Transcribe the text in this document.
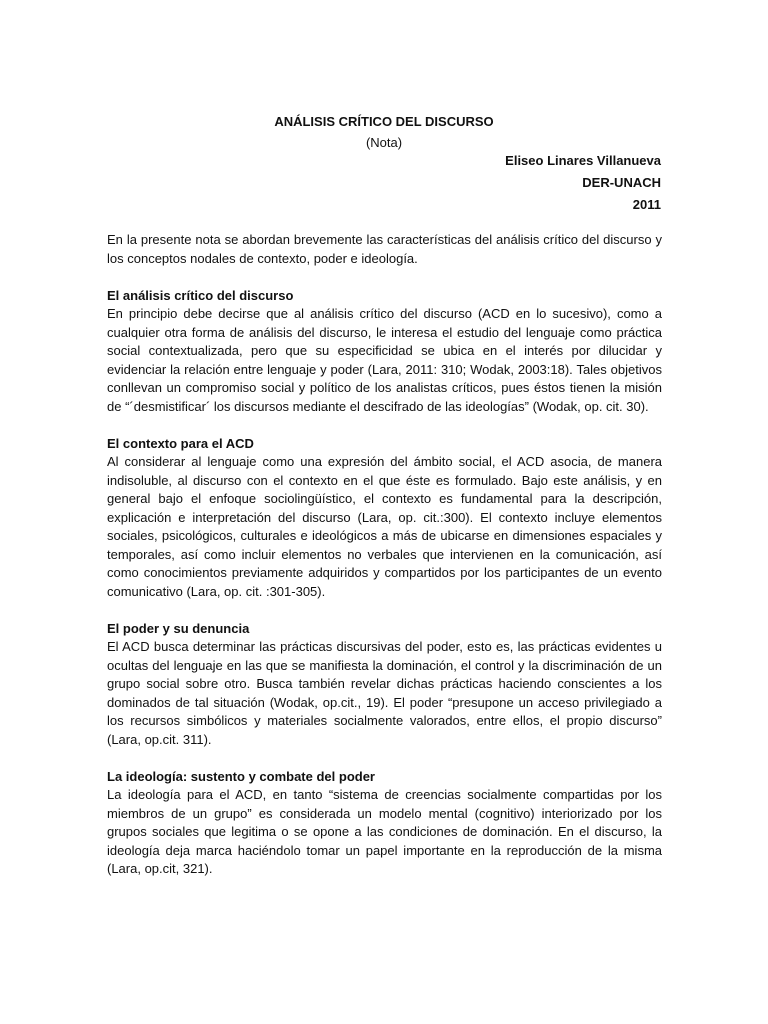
ANÁLISIS CRÍTICO DEL DISCURSO
(Nota)
Eliseo Linares Villanueva
DER-UNACH
2011

En la presente nota se abordan brevemente las características del análisis crítico del discurso y los conceptos nodales de contexto, poder e ideología.

El análisis crítico del discurso

En principio debe decirse que al análisis crítico del discurso (ACD en lo sucesivo), como a cualquier otra forma de análisis del discurso, le interesa el estudio del lenguaje como práctica social contextualizada, pero que su especificidad se ubica en el interés por dilucidar y evidenciar la relación entre lenguaje y poder (Lara, 2011: 310; Wodak, 2003:18). Tales objetivos conllevan un compromiso social y político de los analistas críticos, pues éstos tienen la misión de “´desmistificar´ los discursos mediante el descifrado de las ideologías” (Wodak, op. cit. 30).

El contexto para el ACD

Al considerar al lenguaje como una expresión del ámbito social, el ACD asocia, de manera indisoluble, al discurso con el contexto en el que éste es formulado. Bajo este análisis, y en general bajo el enfoque sociolingüístico, el contexto es fundamental para la descripción, explicación e interpretación del discurso (Lara, op. cit.:300). El contexto incluye elementos sociales, psicológicos, culturales e ideológicos a más de ubicarse en dimensiones espaciales y temporales, así como incluir elementos no verbales que intervienen en la comunicación, así como conocimientos previamente adquiridos y compartidos por los participantes de un evento comunicativo (Lara, op. cit. :301-305).

El poder y su denuncia

El ACD busca determinar las prácticas discursivas del poder, esto es, las prácticas evidentes u ocultas del lenguaje en las que se manifiesta la dominación, el control y la discriminación de un grupo social sobre otro. Busca también revelar dichas prácticas haciendo conscientes a los dominados de tal situación (Wodak, op.cit., 19). El poder “presupone un acceso privilegiado a los recursos simbólicos y materiales socialmente valorados, entre ellos, el propio discurso” (Lara, op.cit. 311).

La ideología: sustento y combate del poder

La ideología para el ACD, en tanto “sistema de creencias socialmente compartidas por los miembros de un grupo” es considerada un modelo mental (cognitivo) interiorizado por los grupos sociales que legitima o se opone a las condiciones de dominación. En el discurso, la ideología deja marca haciéndolo tomar un papel importante en la reproducción de la misma (Lara, op.cit, 321).
